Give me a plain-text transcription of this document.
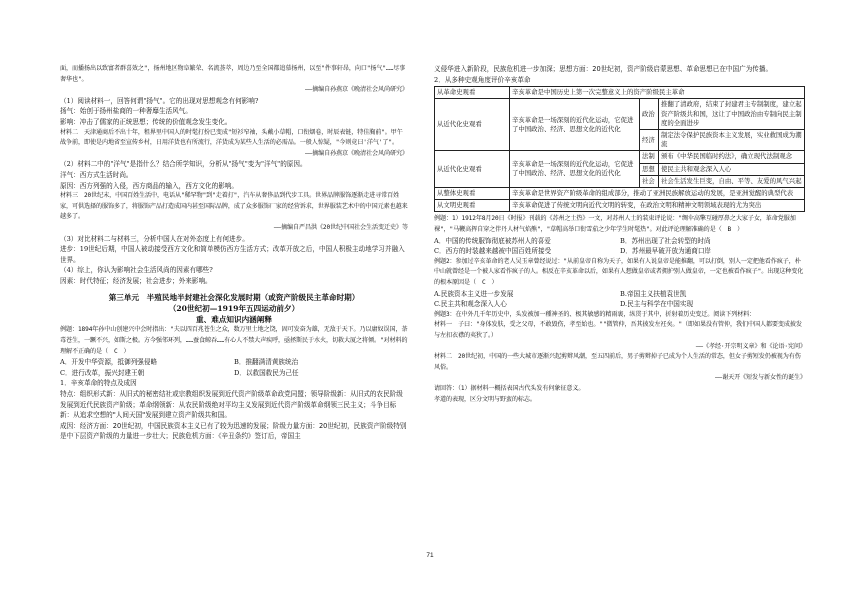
面，而播扬出以致富者群喜效之"，扬州地区物阜繁荣、名流荟萃，周边乃至全国都追慕扬州，以至"件事轩昂，向口"扬气"……尽事奢华也"。

——摘编自孙燕京《晚清社会风尚研究》

（1）阅读材料一，回答何谓"扬气"。它的出现对思想观念有何影响?

扬气：始创于扬州盐商的一种奢靡生活风气。

影响：冲击了儒家的正统思想；传统的价值观念发生变化。

材料二　天津通商后不出十年，租界里中国人的时髦打扮已变成"短衫窄袖，头戴小草帽，口衔烟卷，时辰表链，特佳胸前"。甲午战争前，即使是内地省至宣传乡村，日用洋货也有所流行，洋货成为某些人生活的必需品。一般人惊疑，"今则竟曰'洋气'了"。

——摘编自孙燕京《晚清社会风尚研究》

（2）材料二中的"洋气"是指什么？结合所学知识，分析从"扬气"变为"洋气"的原因。

洋气：西方式生活时尚。

原因：西方列强的入侵，西方商品的输入，西方文化的影响。

材料三　20世纪末，中国百姓生活中，电话从"稀罕物"到"走着打"，汽车从奢侈品到代步工具。世界品牌服饰逐渐走进寻常百姓家，可供选择的服饰多了，将服饰产品打造成国内甚至国际品牌，成了众多服饰厂家的经营诉求，世界服装艺术中的中国元素也越来越多了。

——摘编自严昌洪《20世纪中国社会生活变迁史》等

（3）对比材料二与材料三，分析中国人在对外态度上有何进步。

进步：19世纪后期，中国人被动接受西方文化和简单模仿西方生活方式；改革开放之后，中国人积极主动地学习并融入世界。

（4）综上，你认为影响社会生活风尚的因素有哪些?

因素：时代特征；经济发展；社会进步；外来影响。

第三单元　半殖民地半封建社会深化发展时期（或资产阶级民主革命时期）

（20世纪初—1919年五四运动前夕）

重、难点知识内涵阐释

例题：1894年孙中山创建兴中会时指出："夫以四百兆苍生之众，数万里土地之饶，固可发奋为雄，无敌于天下。乃以庸奴误国，荼毒苍生，一蹶不兴，如斯之极。方今强邻环列，……蚕食鲸吞……有心人不禁大声疾呼，亟拯斯民于水火，切救大厦之将倾。"对材料的理解不正确的是（　C　）

A．开发中华资源，抵御列强侵略	B．推翻满清黄族统治
C．进行改革，振兴封建王朝	D．以救国救民为己任

1．辛亥革命的特点及成因

特点：组织形式新：从旧式的秘密结社或宗教组织发展到近代资产阶级革命政党同盟；领导阶级新：从旧式的农民阶级发展到近代民族资产阶级；革命纲领新：从农民阶级绝对平均主义发展到近代资产阶级革命纲领三民主义；斗争目标新：从追求空想的"人间天国"发展到建立资产阶级共和国。

成因：经济方面：20世纪初，中国民族资本主义已有了较为迅速的发展；阶级力量方面：20世纪初，民族资产阶级特别是中下层资产阶级的力量进一步壮大；民族危机方面：《辛丑条约》签订后，帝国主

义侵华进入新阶段，民族危机进一步加深；思想方面：20世纪初，资产阶级启蒙思想、革命思想已在中国广为传播。

2．从多种史观角度评价辛亥革命

从革命史观看	辛亥革命是中国历史上第一次完整意义上的资产阶级民主革命		
从近代化史观看	辛亥革命是一场深刻的近代化运动，它促进了中国政治、经济、思想文化的近代化	政治	推翻了清政府，结束了封建君主专制制度，建立起资产阶级共和国，这让了中国政治由专制向民主制度的全面进步
		经济	制定法令保护民族资本主义发展，实业救国成为潮流
从近代化史观看	辛亥革命是一场深刻的近代化运动，它促进了中国政治、经济、思想文化的近代化	法制	颁布《中华民国临时约法》，确立现代法制观念
		思想	使民主共和观念深入人心
		社会	社会生活发生巨变，自由、平等、友爱的风气兴起
从整体史观看	辛亥革命是世界资产阶级革命的组成部分，推动了亚洲民族解放运动的发展，是亚洲觉醒的典型代表		
从文明史观看	辛亥革命促进了传统文明向近代文明的转变，在政治文明和精神文明领域表现的尤为突出		

例题：1）1912年8月20日《时报》刊载的《苏州之士热》一文，对苏州人士的装束评论说："绸伞高擎互碰厚鼻之大家子女，革命党服加裸"，"马鞭高挥自穿之伴丹人材气焰熊"，"草帽高举口衔雪茄之少年学生时髦热"。对此评论理解准确的是（　B　）

A．中国的传统服饰彻底被苏州人的喜爱	B．苏州出现了社会转型的时尚
C．西方的时装越来越被中国百姓所接受	D．苏州最早破开放为通商口岸

例题2：参加过辛亥革命的老人吴玉章曾经说过："从前皇帝自称为天子，如果有人说皇帝是能推翻，可以打倒，别人一定把他看作疯子，朴中山就曾经是一个被人家看作疯子的人。相反在辛亥革命以后，如果有人想做皇帝或者拥护别人做皇帝，一定也被看作疯子"。出现这种变化的根本原因是（　C　）

A.民族资本主义进一步发展	B.帝国主义扶植袁世凯
C.民主共和观念深入人心	D.民主与科学在中国实现

例题3：在中外几千年历史中，头发被加一種神圣的、极其敏感的精雨裹，纵贯于其中，折射着历史变迁。阅读下列材料：

材料一　子曰："身体发肤，受之父母，不敢毁伤，孝至始也。""微管仲，吾其披发左衽矣。"（即如果没有管仲，我们中国人都要变成披发与左扣衣襟的夷狄了。）

——《孝经·开宗明义章》和《论语·宪问》

材料二　20世纪初，中国的一些大城市逐渐兴起剪辫风潮，至五四前后，男子剪辫掉子已成为个人生活的常态，但女子剪短发仍被视为有伤风俗。

——谢天开《短发与新女性的诞生》

请回答：（1）据材料一概括表国古代头发有何象征意义。

孝道的表现，区分文明与野蛮的标志。

71
